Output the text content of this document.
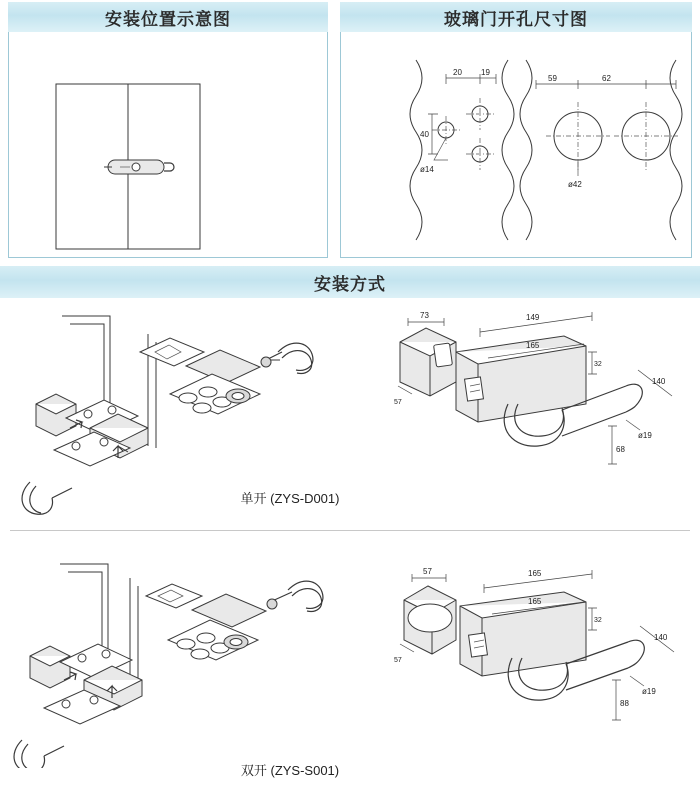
安装位置示意图	玻璃门开孔尺寸图
20 19
59	62
40
ø14
ø42
安装方式
73
57
149
165
32
140
68
ø19
单开 (ZYS-D001)
57
57
165
165
32
140
88
ø19
双开 (ZYS-S001)
